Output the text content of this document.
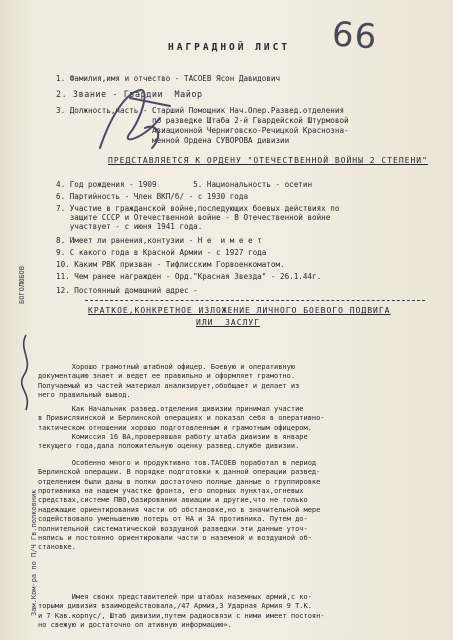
66
НАГРАДНОЙ ЛИСТ
1. Фамилия,имя и отчество - ТАСОЕВ Ясон Давидович
2. Звание - Гвардии  Майор
3. Должность,часть - Старший Помощник Нач.Опер.Развед.отделения
по разведке Штаба 2-й Гвардейской Штурмовой
Авиационной Черниговско-Речицкой Краснозна-
менной Ордена СУВОРОВА дивизии
ПРЕДСТАВЛЯЕТСЯ К ОРДЕНУ "ОТЕЧЕСТВЕННОЙ ВОЙНЫ 2 СТЕПЕНИ"
4. Год рождения - 1909        5. Национальность - осетин
6. Партийность - Член ВКП/б/ - с 1930 года
7. Участие в гражданской войне,последующих боевых действиях по
защите СССР и Отечественной войне - В Отечественной войне
участвует - с июня 1941 года.
8. Имеет ли ранения,контузии - Н е  и м е е т
9. С какого года в Красной Армии - с 1927 года
10. Каким РВК призван - Тифлисским Горвоенкоматом.
11. Чем ранее награжден - Орд."Красная Звезда" - 26.1.44г.
12. Постоянный домашний адрес -
КРАТКОЕ,КОНКРЕТНОЕ ИЗЛОЖЕНИЕ ЛИЧНОГО БОЕВОГО ПОДВИГА
ИЛИ  ЗАСЛУГ

Хорошо грамотный штабной офицер. Боевую и оперативную
документацию знает и ведет ее правильно и оформляет грамотно.
Получаемый из частей материал анализирует,обобщает и делает из
него правильный вывод.

Как Начальник развед.отделения дивизии принимал участие
в Привисляинской и Берлинской операциях и показал себя в оперативно-
тактическом отношении хорошо подготовленным и грамотным офицером.
Комиссия 16 ВА,проверявшая работу штаба дивизии в январе
текущего года,дала положительную оценку развед.службе дивизии.

Особенно много и продуктивно тов.ТАСОЕВ поработал в период
Берлинской операции. В порядке подготовки к данной операции развед-
отделением были даны в полки достаточно полные данные о группировке
противника на нашем участке фронта, его опорных пунктах,огневых
средствах,системе ПВО,базировании авиации и другие,что не только
надежащие ориентирования части об обстановке,но в значительной мере
содействовало уменьшению потерь от НА и ЗА противника. Путем до-
полнительной систематической воздушной разведки эти данные уточ-
нялись и постоянно ориентировали части о наземной и воздушной об-
становке.

Имея своих представителей при штабах наземных армий,с ко-
торыми дивизия взаимодействовала,/47 Армия,3 Ударная Армия 9 Т.К.
и 7 Кав.корпус/, Штаб дивизии,путем радиосвязи с ними имеет постоян-
но свежую и достаточно оп ативную информацию».

БОГОЛЮБОВ
Зам.Ком-ра по П/Ч Гв.полковник
